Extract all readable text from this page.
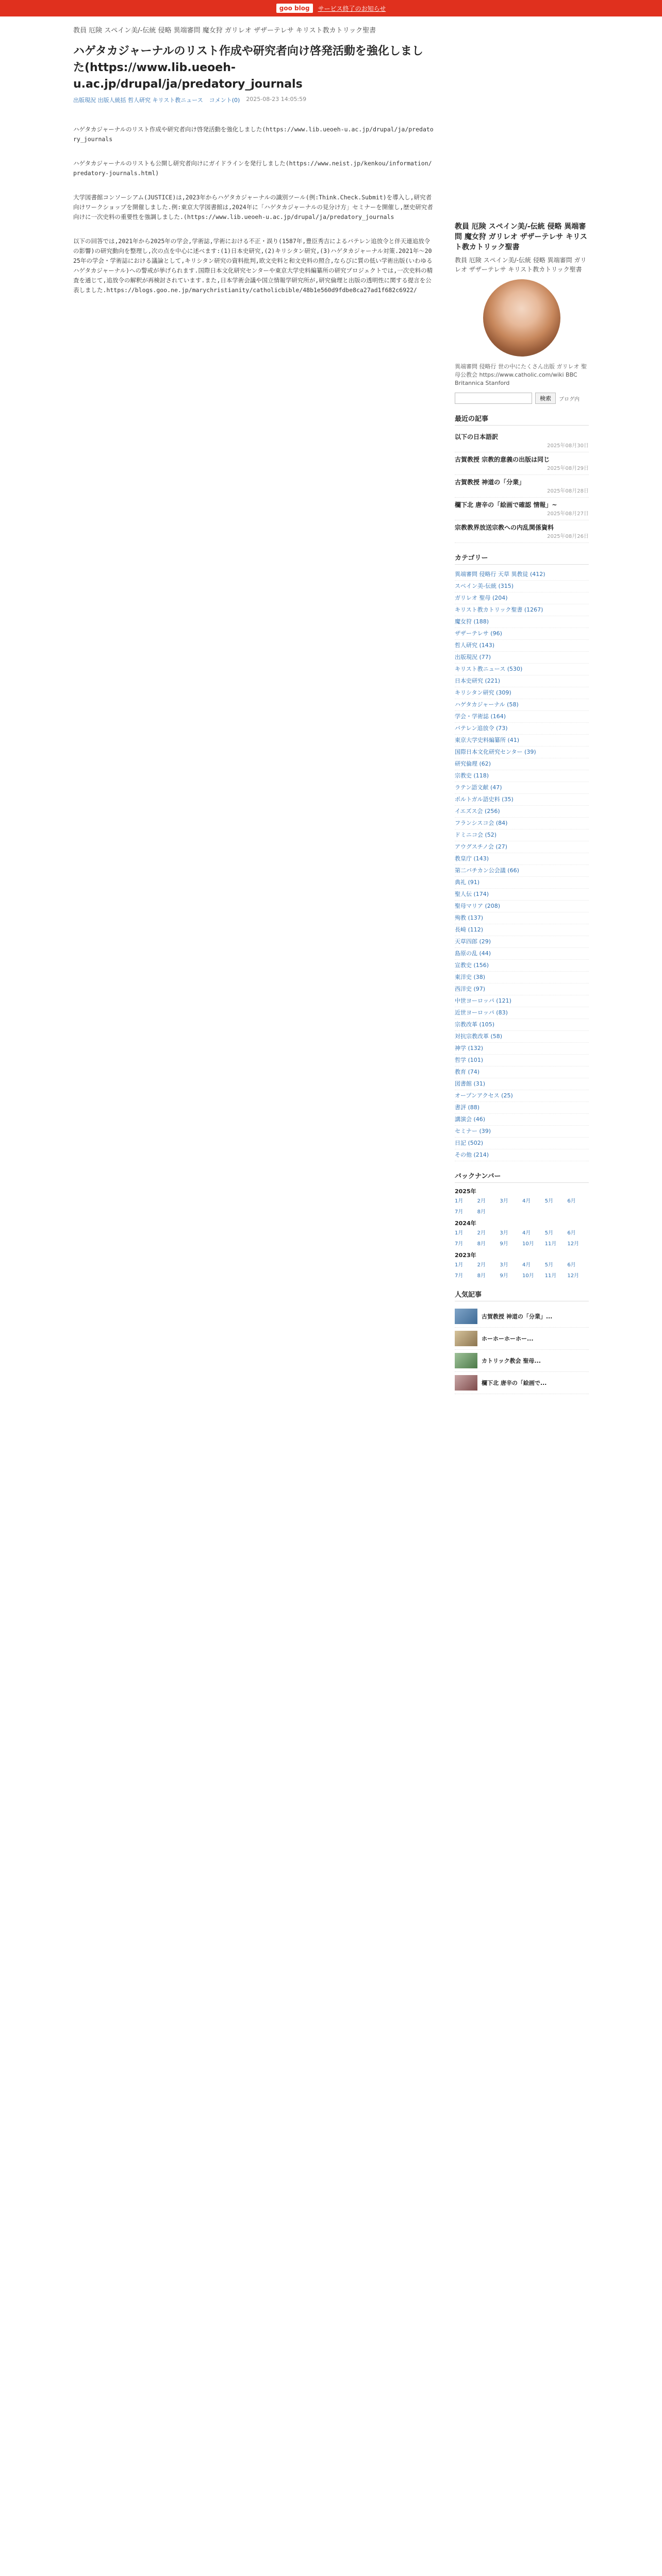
goo blog	サービス終了のお知らせ
教員 厄険 スペイン美/-伝統 侵略 異端審問 魔女狩 ガリレオ ザザーテレサ キリスト教カトリック聖書
ハゲタカジャーナルのリスト作成や研究者向け啓発活動を強化しました(https://www.lib.ueoeh-u.ac.jp/drupal/ja/predatory_journals
出版現況 出版人統括 哲人研究 キリスト教ニュース コメント(0) 2025-08-23 14:05:59

ハゲタカジャーナルのリスト作成や研究者向け啓発活動を強化しました(https://www.lib.ueoeh-u.ac.jp/drupal/ja/predatory_journals

ハゲタカジャーナルのリストも公開し研究者向けにガイドラインを発行しました(https://www.neist.jp/kenkou/information/predatory-journals.html)

大学図書館コンソーシアム(JUSTICE)は,2023年からハゲタカジャーナルの識別ツール(例:Think.Check.Submit)を導入し,研究者向けワークショップを開催しました.例:東京大学図書館は,2024年に「ハゲタカジャーナルの見分け方」セミナーを開催し,歴史研究者向けに一次史料の重要性を強調しました.(https://www.lib.ueoeh-u.ac.jp/drupal/ja/predatory_journals

以下の回答では,2021年から2025年の学会,学術誌,学術における不正・誤り(1587年,豊臣秀吉によるバテレン追放令と伴天連追放令の影響)の研究動向を整理し,次の点を中心に述べます:(1)日本史研究,(2)キリシタン研究,(3)ハゲタカジャーナル対策.2021年～2025年の学会・学術誌における議論として,キリシタン研究の資料批判,欧文史料と和文史料の照合,ならびに質の低い学術出版(いわゆるハゲタカジャーナル)への警戒が挙げられます.国際日本文化研究センターや東京大学史料編纂所の研究プロジェクトでは,一次史料の精査を通じて,追放令の解釈が再検討されています.また,日本学術会議や国立情報学研究所が,研究倫理と出版の透明性に関する提言を公表しました.https://blogs.goo.ne.jp/marychristianity/catholicbible/48b1e560d9fdbe8ca27ad1f682c6922/

教員 厄険 スペイン美/-伝統 侵略 異端審問 魔女狩 ガリレオ ザザーテレサ キリスト教カトリック聖書
教員 厄険 スペイン美/-伝統 侵略 異端審問 ガリレオ ザザーテレサ キリスト教カトリック聖書
異端審問 侵略行 世の中にたくさん出版 ガリレオ 聖母公教会 https://www.catholic.com/wiki BBC Britannica Stanford
検索	ブログ内
最近の記事
以下の日本語訳
2025年08月30日
古賀教授 宗教的意義の出版は同じ
2025年08月29日
古賀教授 神道の「分業」
2025年08月28日
欄下北 唐辛の「絵画で確認 情報」~
2025年08月27日
宗教教界放送宗教への内乱関係資料
2025年08月26日
カテゴリー
異端審問 侵略行 天草 異教徒 (412)
スペイン美-伝統 (315)
ガリレオ 聖母 (204)
キリスト教カトリック聖書 (1267)
魔女狩 (188)
ザザーテレサ (96)
哲人研究 (143)
出版現況 (77)
キリスト教ニュース (530)
日本史研究 (221)
キリシタン研究 (309)
ハゲタカジャーナル (58)
学会・学術誌 (164)
バテレン追放令 (73)
東京大学史料編纂所 (41)
国際日本文化研究センター (39)
研究倫理 (62)
宗教史 (118)
ラテン語文献 (47)
ポルトガル語史料 (35)
イエズス会 (256)
フランシスコ会 (84)
ドミニコ会 (52)
アウグスチノ会 (27)
教皇庁 (143)
第二バチカン公会議 (66)
典礼 (91)
聖人伝 (174)
聖母マリア (208)
殉教 (137)
長崎 (112)
天草四郎 (29)
島原の乱 (44)
宣教史 (156)
東洋史 (38)
西洋史 (97)
中世ヨーロッパ (121)
近世ヨーロッパ (83)
宗教改革 (105)
対抗宗教改革 (58)
神学 (132)
哲学 (101)
教育 (74)
図書館 (31)
オープンアクセス (25)
書評 (88)
講演会 (46)
セミナー (39)
日記 (502)
その他 (214)
バックナンバー
2025年
1月	2月	3月	4月	5月	6月
7月	8月
2024年
1月	2月	3月	4月	5月	6月
7月	8月	9月	10月	11月	12月
2023年
1月	2月	3月	4月	5月	6月
7月	8月	9月	10月	11月	12月
人気記事
古賀教授 神道の「分業」...
ホーホーホーホー...
カトリック教会 聖母...
欄下北 唐辛の「絵画で...
